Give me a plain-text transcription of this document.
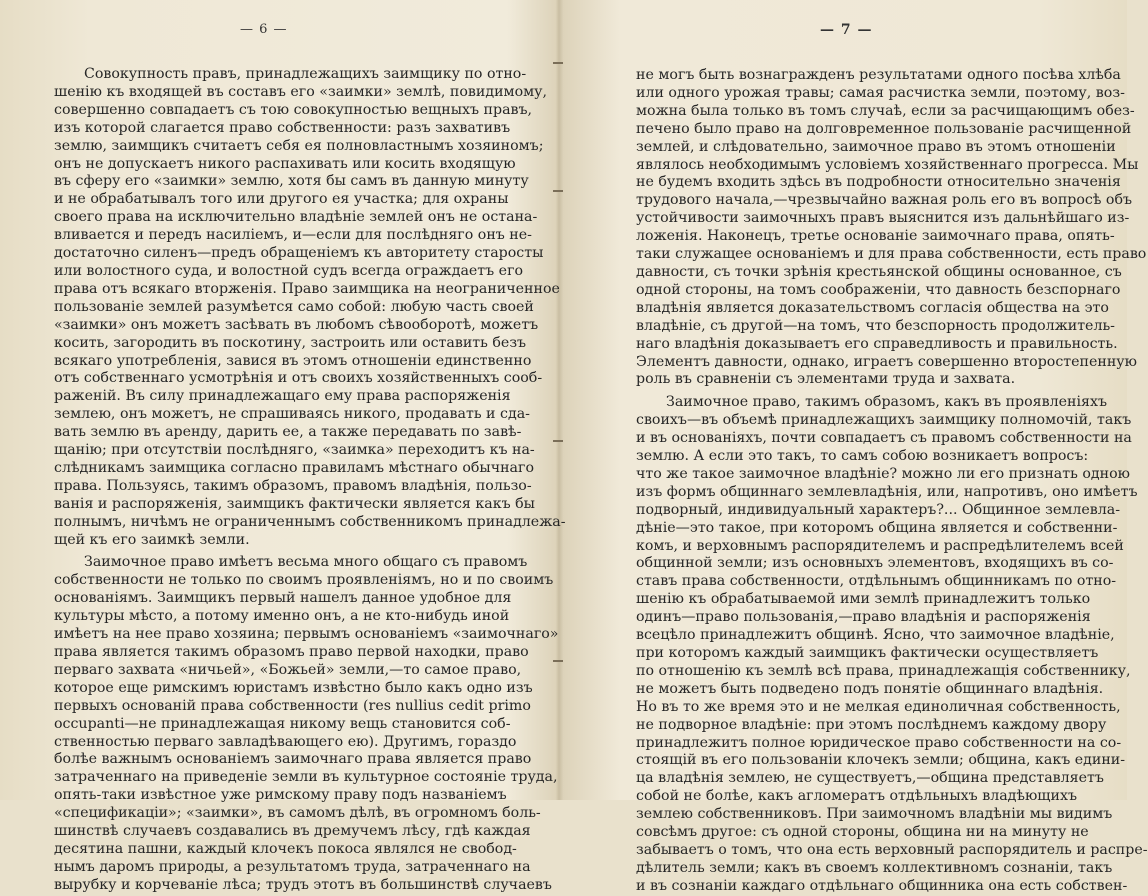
— 6 —	— 7 —

Совокупность правъ, принадлежащихъ заимщику по отно-
шенію къ входящей въ составъ его «заимки» землѣ, повидимому,
совершенно совпадаетъ съ тою совокупностью вещныхъ правъ,
изъ которой слагается право собственности: разъ захвативъ
землю, заимщикъ считаетъ себя ея полновластнымъ хозяиномъ;
онъ не допускаетъ никого распахивать или косить входящую
въ сферу его «заимки» землю, хотя бы самъ въ данную минуту
и не обрабатывалъ того или другого ея участка; для охраны
своего права на исключительно владѣніе землей онъ не остана-
вливается и передъ насиліемъ, и—если для послѣдняго онъ не-
достаточно силенъ—предъ обращеніемъ къ авторитету старосты
или волостного суда, и волостной судъ всегда ограждаетъ его
права отъ всякаго вторженія. Право заимщика на неограниченное
пользованіе землей разумѣется само собой: любую часть своей
«заимки» онъ можетъ засѣвать въ любомъ сѣвооборотѣ, можетъ
косить, загородить въ поскотину, застроить или оставить безъ
всякаго употребленія, завися въ этомъ отношеніи единственно
отъ собственнаго усмотрѣнія и отъ своихъ хозяйственныхъ сооб-
раженій. Въ силу принадлежащаго ему права распоряженія
землею, онъ можетъ, не спрашиваясь никого, продавать и сда-
вать землю въ аренду, дарить ее, а также передавать по завѣ-
щанію; при отсутствіи послѣдняго, «заимка» переходитъ къ на-
слѣдникамъ заимщика согласно правиламъ мѣстнаго обычнаго
права. Пользуясь, такимъ образомъ, правомъ владѣнія, пользо-
ванія и распоряженія, заимщикъ фактически является какъ бы
полнымъ, ничѣмъ не ограниченнымъ собственникомъ принадлежа-
щей къ его заимкѣ земли.

Заимочное право имѣетъ весьма много общаго съ правомъ
собственности не только по своимъ проявленіямъ, но и по своимъ
основаніямъ. Заимщикъ первый нашелъ данное удобное для
культуры мѣсто, а потому именно онъ, а не кто-нибудь иной
имѣетъ на нее право хозяина; первымъ основаніемъ «заимочнаго»
права является такимъ образомъ право первой находки, право
перваго захвата «ничьей», «Божьей» земли,—то самое право,
которое еще римскимъ юристамъ извѣстно было какъ одно изъ
первыхъ основаній права собственности (res nullius cedit primo
occupanti—не принадлежащая никому вещь становится соб-
ственностью перваго завладѣвающего ею). Другимъ, гораздо
болѣе важнымъ основаніемъ заимочнаго права является право
затраченнаго на приведеніе земли въ культурное состояніе труда,
опять-таки извѣстное уже римскому праву подъ названіемъ
«спецификаціи»; «заимки», въ самомъ дѣлѣ, въ огромномъ боль-
шинствѣ случаевъ создавались въ дремучемъ лѣсу, гдѣ каждая
десятина пашни, каждый клочекъ покоса являлся не свобод-
нымъ даромъ природы, а результатомъ труда, затраченнаго на
вырубку и корчеваніе лѣса; трудъ этотъ въ большинствѣ случаевъ

не могъ быть вознагражденъ результатами одного посѣва хлѣба
или одного урожая травы; самая расчистка земли, поэтому, воз-
можна была только въ томъ случаѣ, если за расчищающимъ обез-
печено было право на долговременное пользованіе расчищенной
землей, и слѣдовательно, заимочное право въ этомъ отношеніи
являлось необходимымъ условіемъ хозяйственнаго прогресса. Мы
не будемъ входить здѣсь въ подробности относительно значенія
трудового начала,—чрезвычайно важная роль его въ вопросѣ объ
устойчивости заимочныхъ правъ выяснится изъ дальнѣйшаго из-
ложенія. Наконецъ, третье основаніе заимочнаго права, опять-
таки служащее основаніемъ и для права собственности, есть право
давности, съ точки зрѣнія крестьянской общины основанное, съ
одной стороны, на томъ соображеніи, что давность безспорнаго
владѣнія является доказательствомъ согласія общества на это
владѣніе, съ другой—на томъ, что безспорность продолжитель-
наго владѣнія доказываетъ его справедливость и правильность.
Элементъ давности, однако, играетъ совершенно второстепенную
роль въ сравненіи съ элементами труда и захвата.

Заимочное право, такимъ образомъ, какъ въ проявленіяхъ
своихъ—въ объемѣ принадлежащихъ заимщику полномочій, такъ
и въ основаніяхъ, почти совпадаетъ съ правомъ собственности на
землю. А если это такъ, то самъ собою возникаетъ вопросъ:
что же такое заимочное владѣніе? можно ли его признать одною
изъ формъ общиннаго землевладѣнія, или, напротивъ, оно имѣетъ
подворный, индивидуальный характеръ?... Общинное землевла-
дѣніе—это такое, при которомъ община является и собственни-
комъ, и верховнымъ распорядителемъ и распредѣлителемъ всей
общинной земли; изъ основныхъ элементовъ, входящихъ въ со-
ставъ права собственности, отдѣльнымъ общинникамъ по отно-
шенію къ обрабатываемой ими землѣ принадлежитъ только
одинъ—право пользованія,—право владѣнія и распоряженія
всецѣло принадлежитъ общинѣ. Ясно, что заимочное владѣніе,
при которомъ каждый заимщикъ фактически осуществляетъ
по отношенію къ землѣ всѣ права, принадлежащія собственнику,
не можетъ быть подведено подъ понятіе общиннаго владѣнія.
Но въ то же время это и не мелкая единоличная собственность,
не подворное владѣніе: при этомъ послѣднемъ каждому двору
принадлежитъ полное юридическое право собственности на со-
стоящій въ его пользованіи клочекъ земли; община, какъ едини-
ца владѣнія землею, не существуетъ,—община представляетъ
собой не болѣе, какъ агломератъ отдѣльныхъ владѣющихъ
землею собственниковъ. При заимочномъ владѣніи мы видимъ
совсѣмъ другое: съ одной стороны, община ни на минуту не
забываетъ о томъ, что она есть верховный распорядитель и распре-
дѣлитель земли; какъ въ своемъ коллективномъ сознаніи, такъ
и въ сознаніи каждаго отдѣльнаго общинника она есть собствен-
